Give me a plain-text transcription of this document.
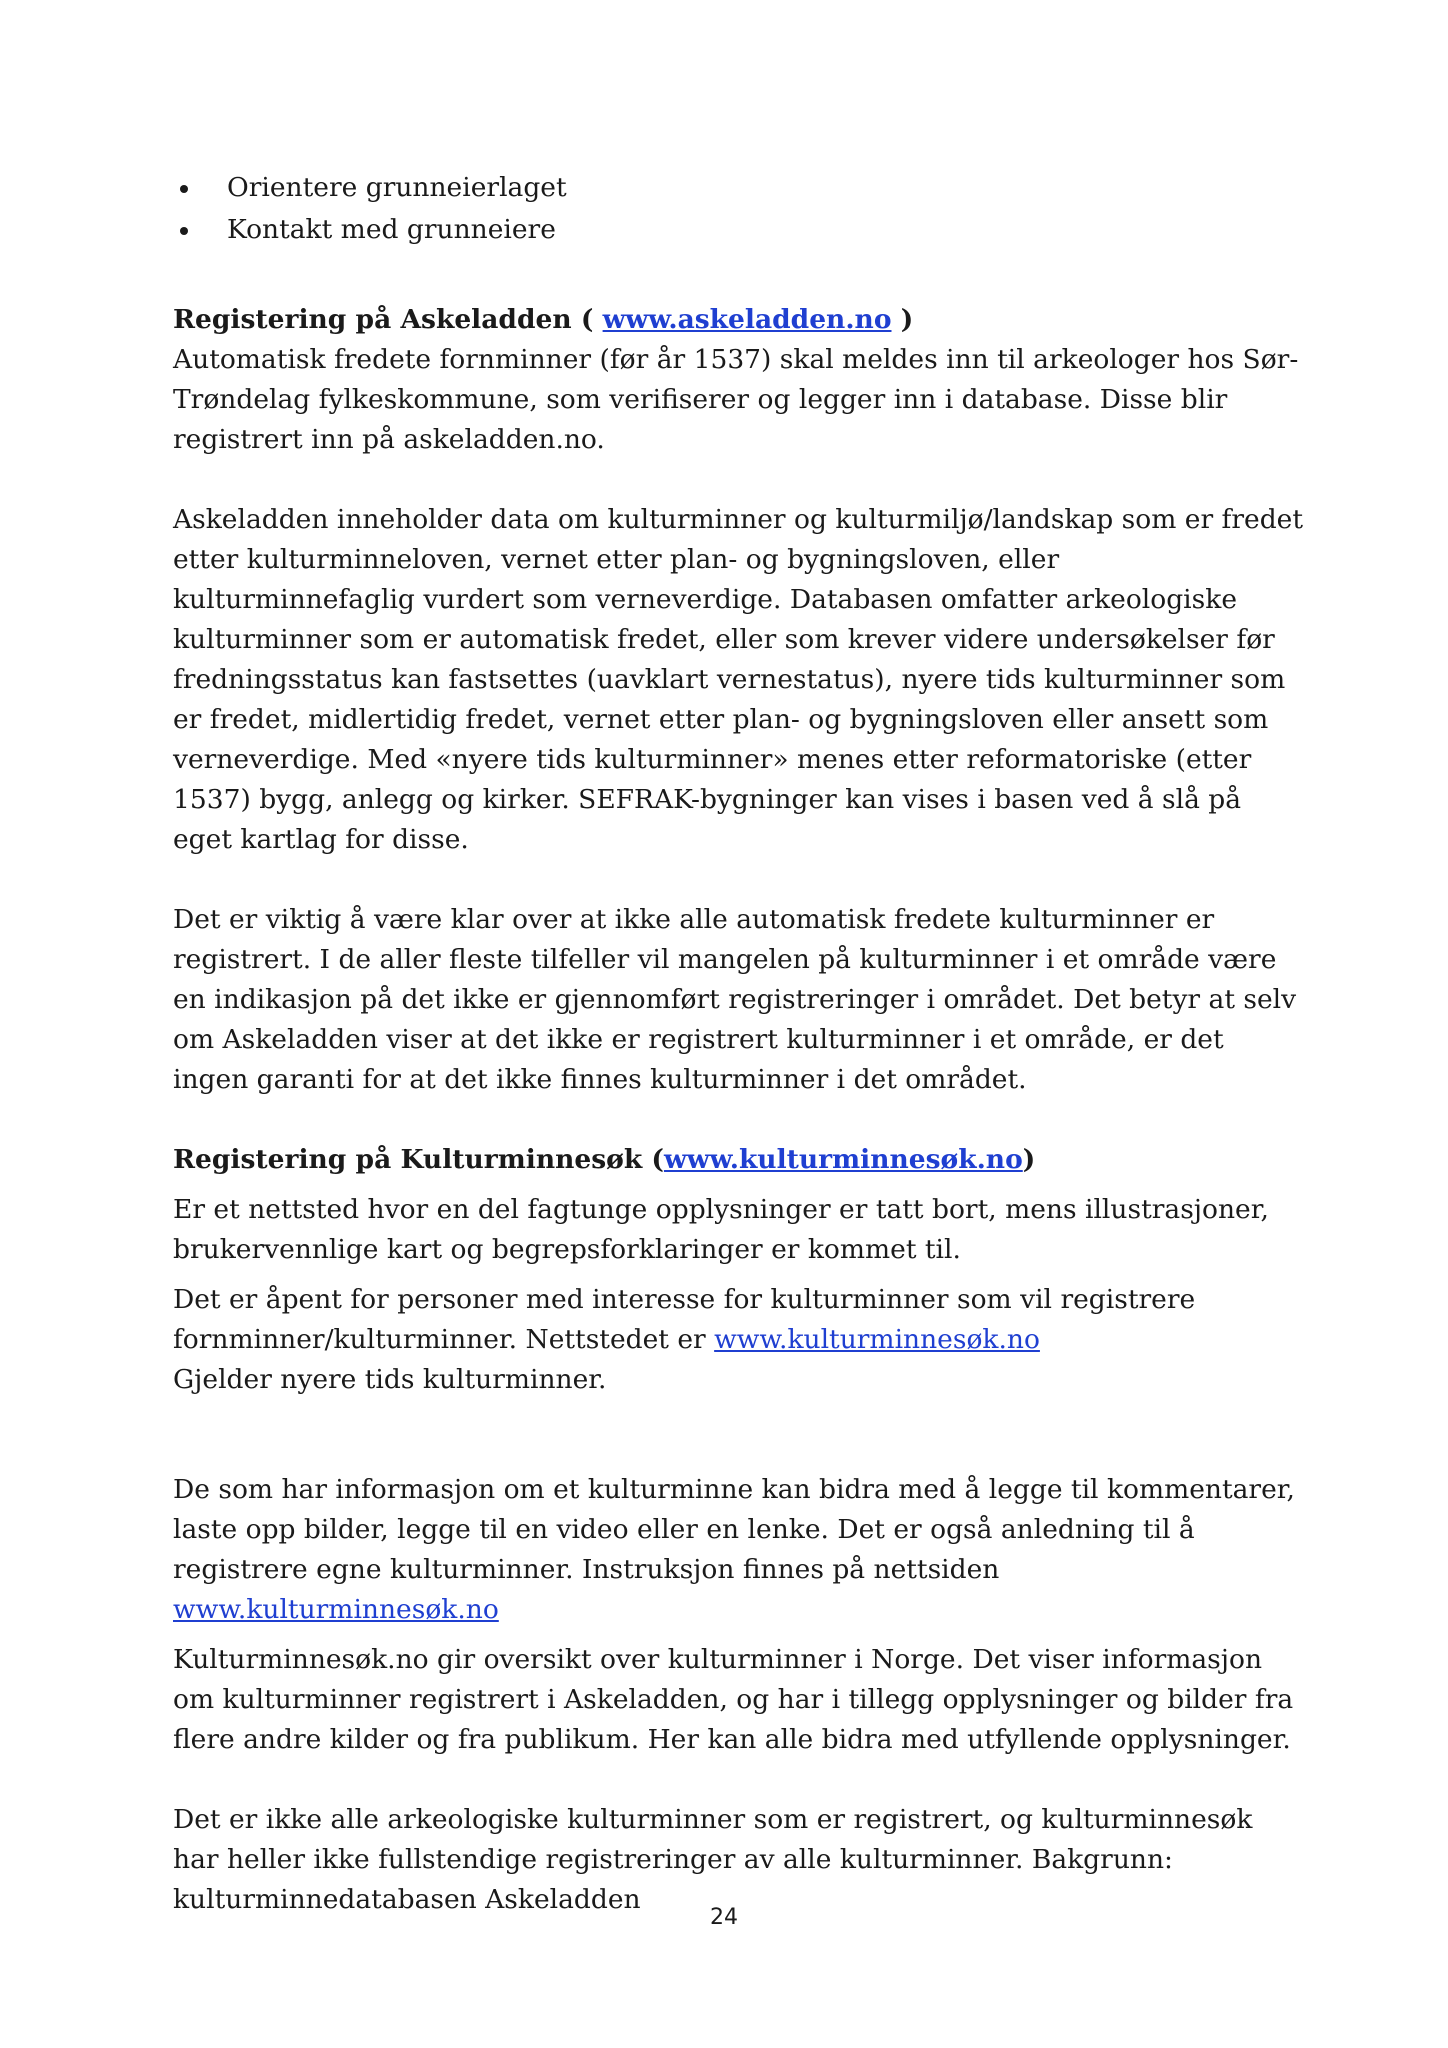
Orientere grunneierlaget
Kontakt med grunneiere
Registering på Askeladden ( www.askeladden.no )

Automatisk fredete fornminner (før år 1537) skal meldes inn til arkeologer hos Sør-Trøndelag fylkeskommune, som verifiserer og legger inn i database. Disse blir registrert inn på askeladden.no.

Askeladden inneholder data om kulturminner og kulturmiljø/landskap som er fredet etter kulturminneloven, vernet etter plan- og bygningsloven, eller kulturminnefaglig vurdert som verneverdige. Databasen omfatter arkeologiske kulturminner som er automatisk fredet, eller som krever videre undersøkelser før fredningsstatus kan fastsettes (uavklart vernestatus), nyere tids kulturminner som er fredet, midlertidig fredet, vernet etter plan- og bygningsloven eller ansett som verneverdige. Med «nyere tids kulturminner» menes etter reformatoriske (etter 1537) bygg, anlegg og kirker. SEFRAK-bygninger kan vises i basen ved å slå på eget kartlag for disse.

Det er viktig å være klar over at ikke alle automatisk fredete kulturminner er registrert. I de aller fleste tilfeller vil mangelen på kulturminner i et område være en indikasjon på det ikke er gjennomført registreringer i området. Det betyr at selv om Askeladden viser at det ikke er registrert kulturminner i et område, er det ingen garanti for at det ikke finnes kulturminner i det området.

Registering på Kulturminnesøk (www.kulturminnesøk.no)

Er et nettsted hvor en del fagtunge opplysninger er tatt bort, mens illustrasjoner, brukervennlige kart og begrepsforklaringer er kommet til.

Det er åpent for personer med interesse for kulturminner som vil registrere fornminner/kulturminner. Nettstedet er www.kulturminnesøk.no
Gjelder nyere tids kulturminner.

De som har informasjon om et kulturminne kan bidra med å legge til kommentarer, laste opp bilder, legge til en video eller en lenke. Det er også anledning til å registrere egne kulturminner. Instruksjon finnes på nettsiden www.kulturminnesøk.no

Kulturminnesøk.no gir oversikt over kulturminner i Norge. Det viser informasjon om kulturminner registrert i Askeladden, og har i tillegg opplysninger og bilder fra flere andre kilder og fra publikum. Her kan alle bidra med utfyllende opplysninger.

Det er ikke alle arkeologiske kulturminner som er registrert, og kulturminnesøk har heller ikke fullstendige registreringer av alle kulturminner. Bakgrunn: kulturminnedatabasen Askeladden

24
